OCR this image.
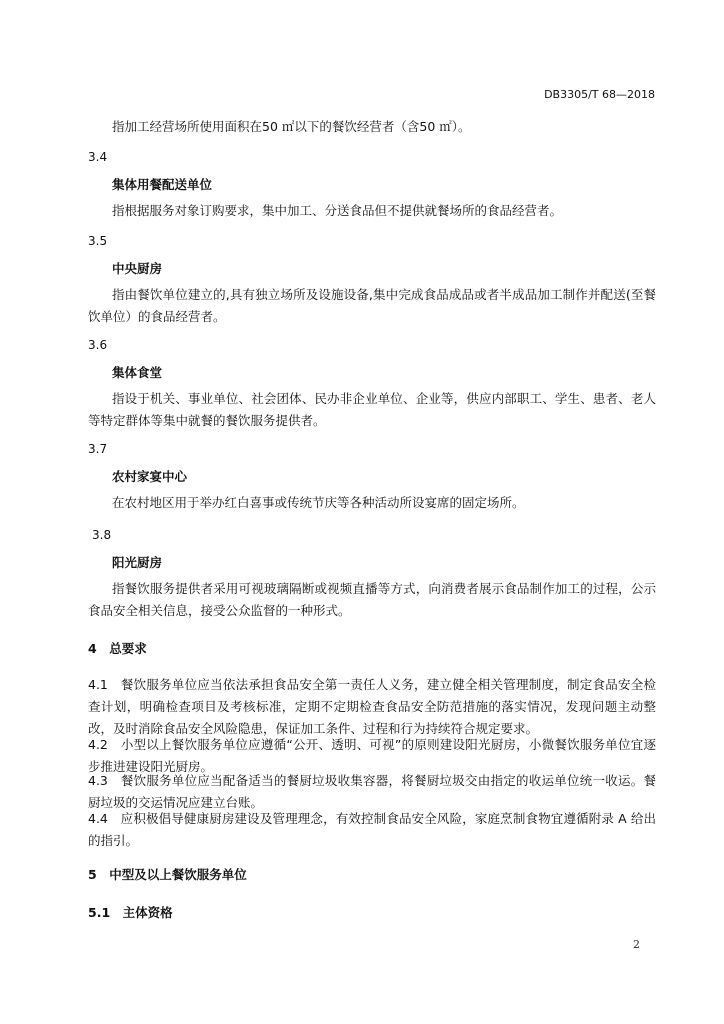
DB3305/T 68—2018
指加工经营场所使用面积在50 ㎡以下的餐饮经营者（含50 ㎡）。
3.4
集体用餐配送单位
指根据服务对象订购要求，集中加工、分送食品但不提供就餐场所的食品经营者。
3.5
中央厨房
指由餐饮单位建立的,具有独立场所及设施设备,集中完成食品成品或者半成品加工制作并配送(至餐饮单位）的食品经营者。
3.6
集体食堂
指设于机关、事业单位、社会团体、民办非企业单位、企业等，供应内部职工、学生、患者、老人等特定群体等集中就餐的餐饮服务提供者。
3.7
农村家宴中心
在农村地区用于举办红白喜事或传统节庆等各种活动所设宴席的固定场所。
3.8
阳光厨房
指餐饮服务提供者采用可视玻璃隔断或视频直播等方式，向消费者展示食品制作加工的过程，公示食品安全相关信息，接受公众监督的一种形式。
4　总要求
4.1　餐饮服务单位应当依法承担食品安全第一责任人义务，建立健全相关管理制度，制定食品安全检查计划，明确检查项目及考核标准，定期不定期检查食品安全防范措施的落实情况，发现问题主动整改，及时消除食品安全风险隐患，保证加工条件、过程和行为持续符合规定要求。
4.2　小型以上餐饮服务单位应遵循“公开、透明、可视”的原则建设阳光厨房，小微餐饮服务单位宜逐步推进建设阳光厨房。
4.3　餐饮服务单位应当配备适当的餐厨垃圾收集容器，将餐厨垃圾交由指定的收运单位统一收运。餐厨垃圾的交运情况应建立台账。
4.4　应积极倡导健康厨房建设及管理理念，有效控制食品安全风险，家庭烹制食物宜遵循附录 A 给出的指引。
5　中型及以上餐饮服务单位
5.1　主体资格
2
